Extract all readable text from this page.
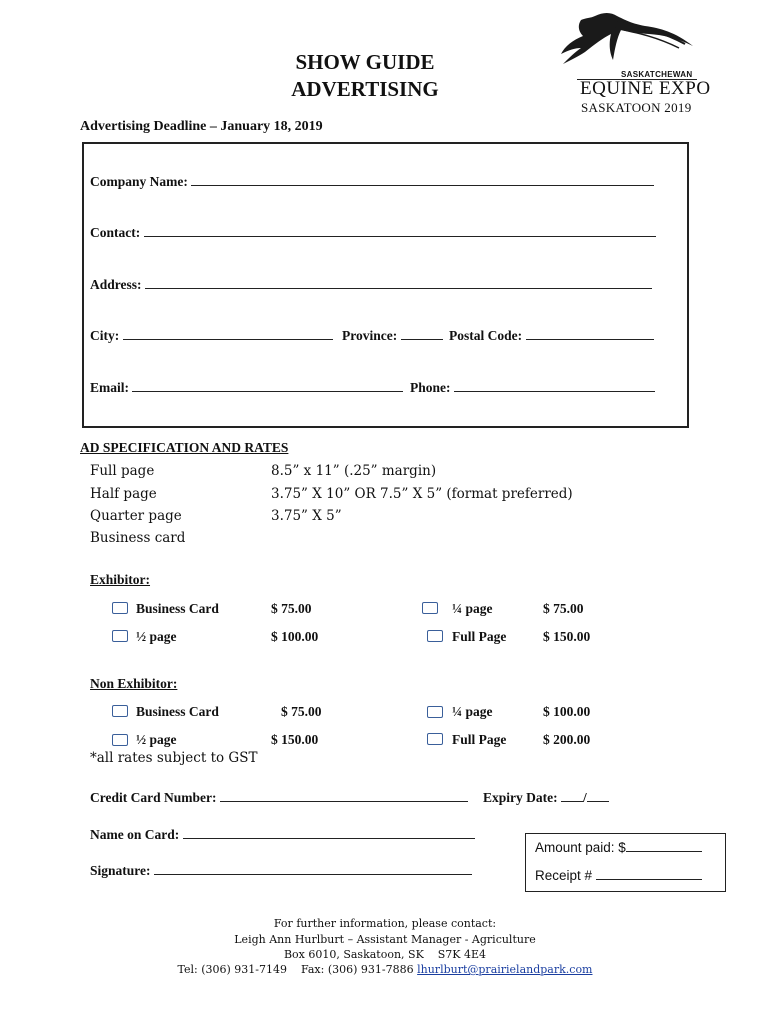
SASKATCHEWAN
EQUINE EXPO
SASKATOON 2019
SHOW GUIDE
ADVERTISING
Advertising Deadline – January 18, 2019
Company Name:
Contact:
Address:
City:	Province:	Postal Code:
Email:	Phone:
AD SPECIFICATION AND RATES
Full page	8.5” x 11” (.25” margin)
Half page	3.75” X 10” OR 7.5” X 5” (format preferred)
Quarter page	3.75” X 5”
Business card
Exhibitor:
Business Card	$ 75.00	¼ page	$ 75.00
½ page	$ 100.00	Full Page	$ 150.00
Non Exhibitor:
Business Card	$ 75.00	¼ page	$ 100.00
½ page	$ 150.00	Full Page	$ 200.00
*all rates subject to GST
Credit Card Number:	Expiry Date: /
Name on Card:
Signature:
Amount paid: $
Receipt #
For further information, please contact:
Leigh Ann Hurlburt – Assistant Manager - Agriculture
Box 6010, Saskatoon, SK    S7K 4E4
Tel: (306) 931-7149    Fax: (306) 931-7886 lhurlburt@prairielandpark.com
